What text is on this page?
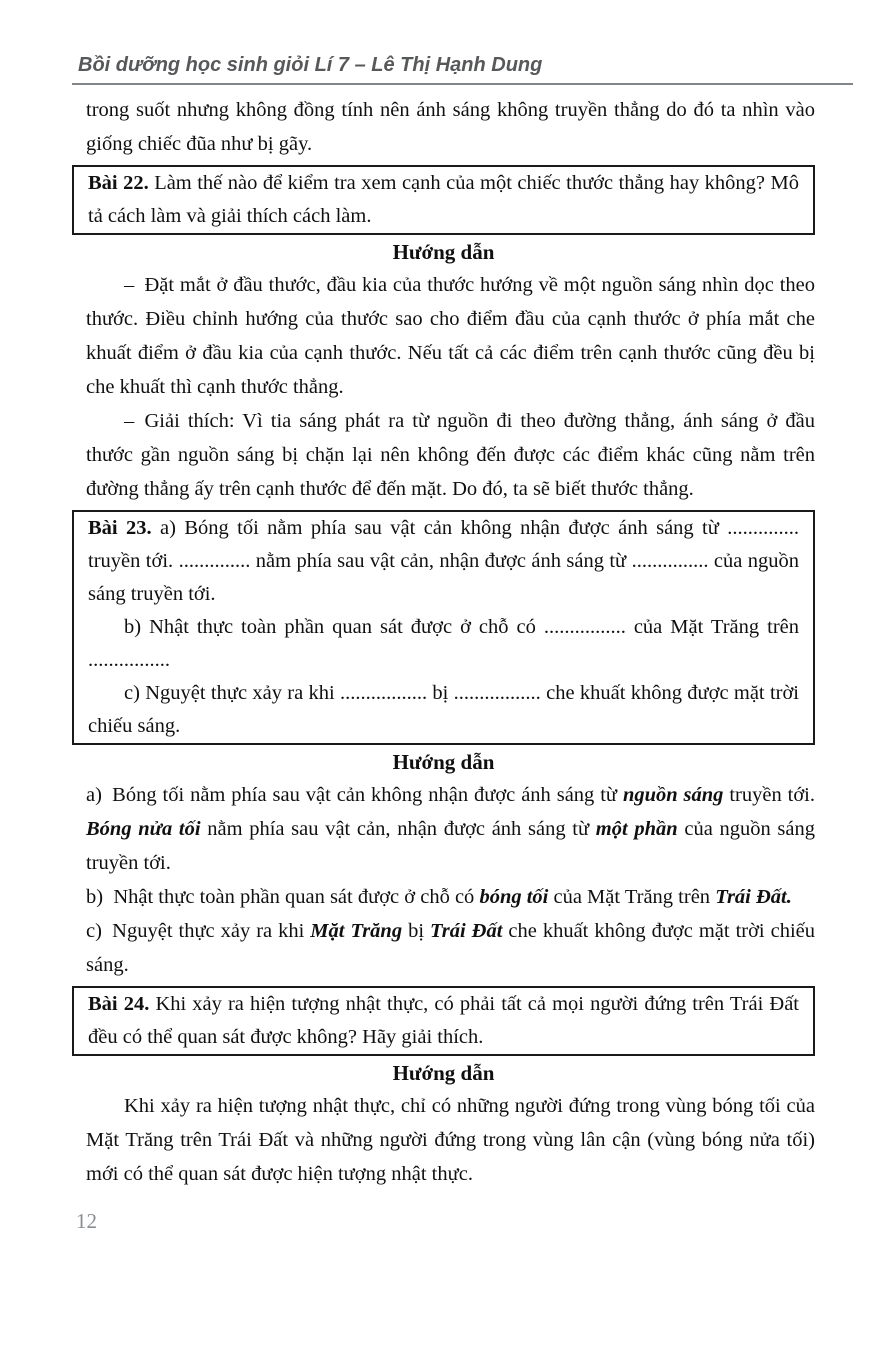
Bồi dưỡng học sinh giỏi Lí 7 – Lê Thị Hạnh Dung

trong suốt nhưng không đồng tính nên ánh sáng không truyền thẳng do đó ta nhìn vào giống chiếc đũa như bị gãy.

Bài 22. Làm thế nào để kiểm tra xem cạnh của một chiếc thước thẳng hay không? Mô tả cách làm và giải thích cách làm.

Hướng dẫn

– Đặt mắt ở đầu thước, đầu kia của thước hướng về một nguồn sáng nhìn dọc theo thước. Điều chỉnh hướng của thước sao cho điểm đầu của cạnh thước ở phía mắt che khuất điểm ở đầu kia của cạnh thước. Nếu tất cả các điểm trên cạnh thước cũng đều bị che khuất thì cạnh thước thẳng.

– Giải thích: Vì tia sáng phát ra từ nguồn đi theo đường thẳng, ánh sáng ở đầu thước gần nguồn sáng bị chặn lại nên không đến được các điểm khác cũng nằm trên đường thẳng ấy trên cạnh thước để đến mặt. Do đó, ta sẽ biết thước thẳng.

Bài 23. a) Bóng tối nằm phía sau vật cản không nhận được ánh sáng từ .............. truyền tới. .............. nằm phía sau vật cản, nhận được ánh sáng từ ............... của nguồn sáng truyền tới.

b) Nhật thực toàn phần quan sát được ở chỗ có ................ của Mặt Trăng trên ................

c) Nguyệt thực xảy ra khi ................. bị ................. che khuất không được mặt trời chiếu sáng.

Hướng dẫn

a) Bóng tối nằm phía sau vật cản không nhận được ánh sáng từ nguồn sáng truyền tới. Bóng nửa tối nằm phía sau vật cản, nhận được ánh sáng từ một phần của nguồn sáng truyền tới.

b) Nhật thực toàn phần quan sát được ở chỗ có bóng tối của Mặt Trăng trên Trái Đất.

c) Nguyệt thực xảy ra khi Mặt Trăng bị Trái Đất che khuất không được mặt trời chiếu sáng.

Bài 24. Khi xảy ra hiện tượng nhật thực, có phải tất cả mọi người đứng trên Trái Đất đều có thể quan sát được không? Hãy giải thích.

Hướng dẫn

Khi xảy ra hiện tượng nhật thực, chỉ có những người đứng trong vùng bóng tối của Mặt Trăng trên Trái Đất và những người đứng trong vùng lân cận (vùng bóng nửa tối) mới có thể quan sát được hiện tượng nhật thực.

12
